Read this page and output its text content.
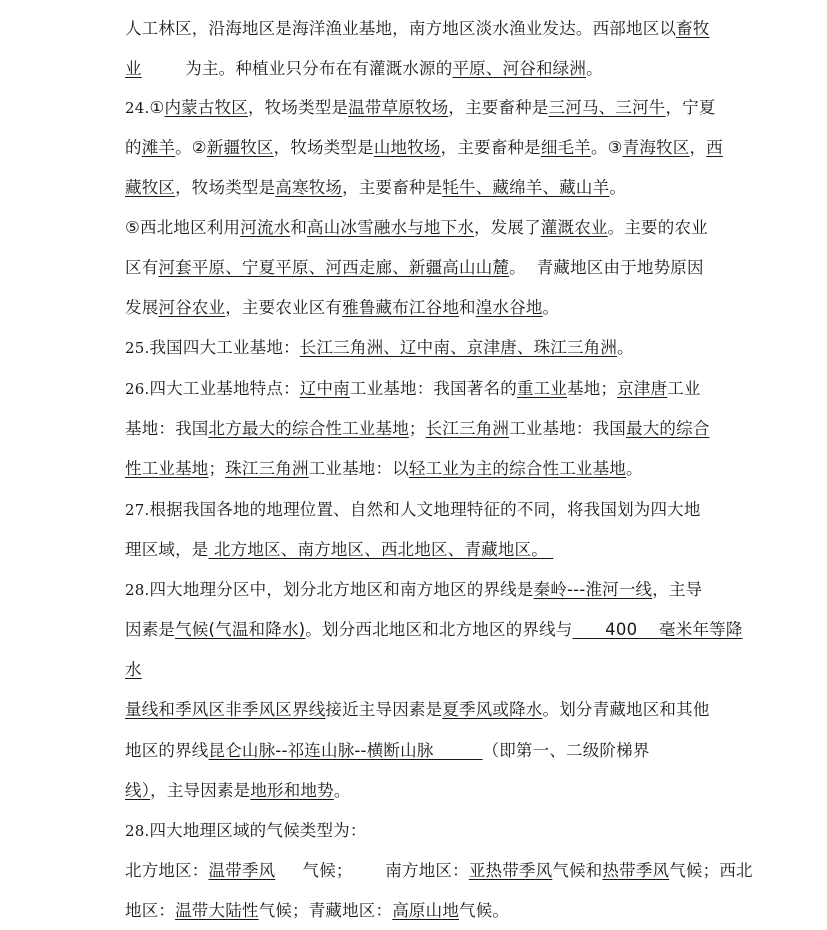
人工林区，沿海地区是海洋渔业基地，南方地区淡水渔业发达。西部地区以畜牧
业        为主。种植业只分布在有灌溉水源的平原、河谷和绿洲。
24.①内蒙古牧区，牧场类型是温带草原牧场，主要畜种是三河马、三河牛，宁夏
的滩羊。②新疆牧区，牧场类型是山地牧场，主要畜种是细毛羊。③青海牧区，西
藏牧区，牧场类型是高寒牧场，主要畜种是牦牛、藏绵羊、藏山羊。
⑤西北地区利用河流水和高山冰雪融水与地下水，发展了灌溉农业。主要的农业
区有河套平原、宁夏平原、河西走廊、新疆高山山麓。  青藏地区由于地势原因
发展河谷农业，主要农业区有雅鲁藏布江谷地和湟水谷地。
25.我国四大工业基地：长江三角洲、辽中南、京津唐、珠江三角洲。
26.四大工业基地特点：辽中南工业基地：我国著名的重工业基地；京津唐工业
基地：我国北方最大的综合性工业基地；长江三角洲工业基地：我国最大的综合
性工业基地；珠江三角洲工业基地：以轻工业为主的综合性工业基地。
27.根据我国各地的地理位置、自然和人文地理特征的不同，将我国划为四大地
理区域，是 北方地区、南方地区、西北地区、青藏地区。
28.四大地理分区中，划分北方地区和南方地区的界线是秦岭---淮河一线，主导
因素是气候(气温和降水)。划分西北地区和北方地区的界线与      400    毫米年等降
水
量线和季风区非季风区界线接近主导因素是夏季风或降水。划分青藏地区和其他
地区的界线昆仑山脉--祁连山脉--横断山脉         （即第一、二级阶梯界
线），主导因素是地形和地势。
28.四大地理区域的气候类型为：
北方地区：温带季风     气候；      南方地区：亚热带季风气候和热带季风气候；西北
地区：温带大陆性气候；青藏地区：高原山地气候。
